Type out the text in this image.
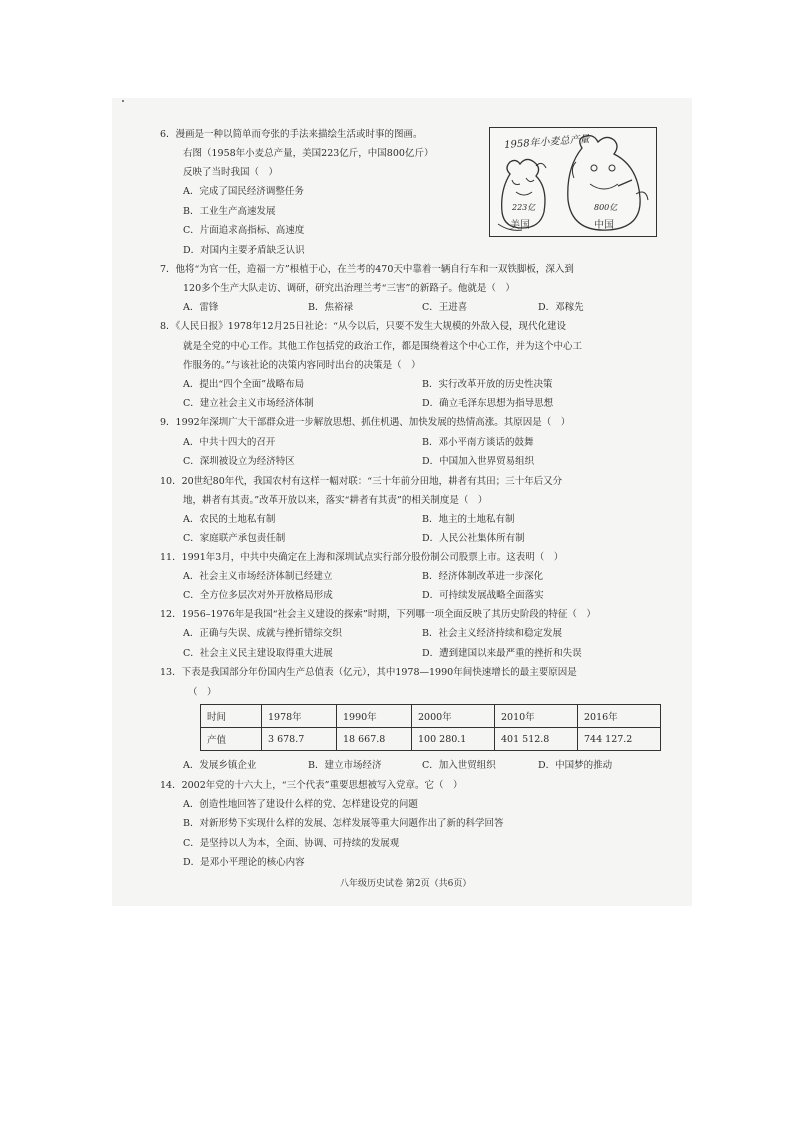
6．漫画是一种以简单而夸张的手法来描绘生活或时事的图画。
右图（1958年小麦总产量，美国223亿斤，中国800亿斤）
反映了当时我国（　）
A．完成了国民经济调整任务
B．工业生产高速发展
C．片面追求高指标、高速度
D．对国内主要矛盾缺乏认识
1958年小麦总产量
223亿
美国
800亿
中国
7．他将“为官一任，造福一方”根植于心，在兰考的470天中靠着一辆自行车和一双铁脚板，深入到
120多个生产大队走访、调研，研究出治理兰考“三害”的新路子。他就是（　）
A．雷锋	B．焦裕禄	C．王进喜	D．邓稼先
8．《人民日报》1978年12月25日社论：“从今以后，只要不发生大规模的外敌入侵，现代化建设
就是全党的中心工作。其他工作包括党的政治工作，都是围绕着这个中心工作，并为这个中心工
作服务的。”与该社论的决策内容同时出台的决策是（　）
A．提出“四个全面”战略布局	B．实行改革开放的历史性决策
C．建立社会主义市场经济体制	D．确立毛泽东思想为指导思想
9．1992年深圳广大干部群众进一步解放思想、抓住机遇、加快发展的热情高涨。其原因是（　）
A．中共十四大的召开	B．邓小平南方谈话的鼓舞
C．深圳被设立为经济特区	D．中国加入世界贸易组织
10．20世纪80年代，我国农村有这样一幅对联：“三十年前分田地，耕者有其田；三十年后又分
地，耕者有其责。”改革开放以来，落实“耕者有其责”的相关制度是（　）
A．农民的土地私有制	B．地主的土地私有制
C．家庭联产承包责任制	D．人民公社集体所有制
11．1991年3月，中共中央确定在上海和深圳试点实行部分股份制公司股票上市。这表明（　）
A．社会主义市场经济体制已经建立	B．经济体制改革进一步深化
C．全方位多层次对外开放格局形成	D．可持续发展战略全面落实
12．1956–1976年是我国“社会主义建设的探索”时期，下列哪一项全面反映了其历史阶段的特征（　）
A．正确与失误、成就与挫折错综交织	B．社会主义经济持续和稳定发展
C．社会主义民主建设取得重大进展	D．遭到建国以来最严重的挫折和失误
13．下表是我国部分年份国内生产总值表（亿元），其中1978—1990年间快速增长的最主要原因是
（　）
时间	1978年	1990年	2000年	2010年	2016年
产值	3 678.7	18 667.8	100 280.1	401 512.8	744 127.2
A．发展乡镇企业	B．建立市场经济	C．加入世贸组织	D．中国梦的推动
14．2002年党的十六大上，“三个代表”重要思想被写入党章。它（　）
A．创造性地回答了建设什么样的党、怎样建设党的问题
B．对新形势下实现什么样的发展、怎样发展等重大问题作出了新的科学回答
C．是坚持以人为本，全面、协调、可持续的发展观
D．是邓小平理论的核心内容
八年级历史试卷 第2页（共6页）
